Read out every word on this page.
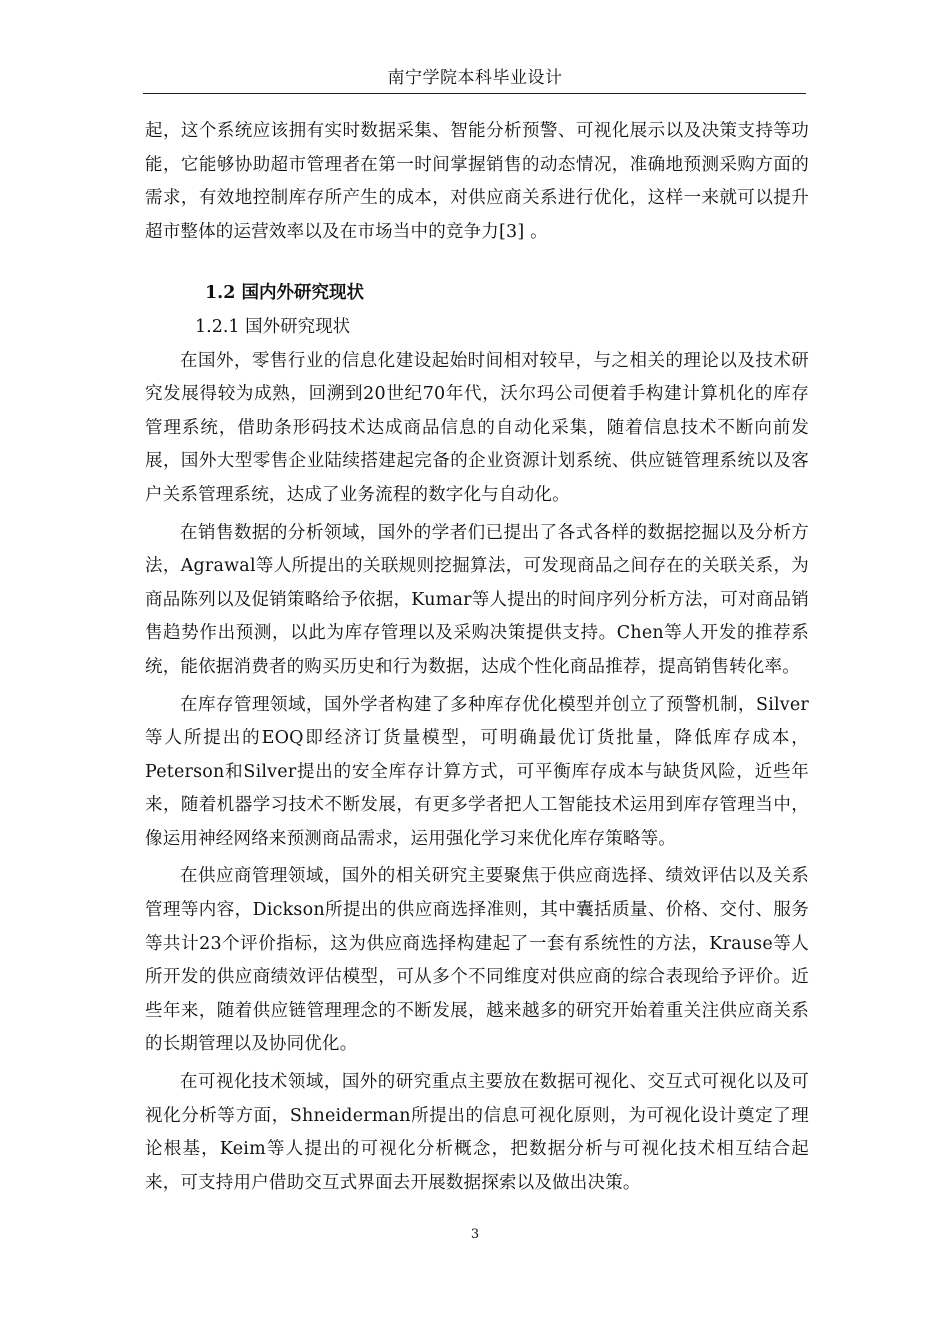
南宁学院本科毕业设计

起，这个系统应该拥有实时数据采集、智能分析预警、可视化展示以及决策支持等功能，它能够协助超市管理者在第一时间掌握销售的动态情况，准确地预测采购方面的需求，有效地控制库存所产生的成本，对供应商关系进行优化，这样一来就可以提升超市整体的运营效率以及在市场当中的竞争力[3] 。

1.2 国内外研究现状
1.2.1 国外研究现状

在国外，零售行业的信息化建设起始时间相对较早，与之相关的理论以及技术研究发展得较为成熟，回溯到20世纪70年代，沃尔玛公司便着手构建计算机化的库存管理系统，借助条形码技术达成商品信息的自动化采集，随着信息技术不断向前发展，国外大型零售企业陆续搭建起完备的企业资源计划系统、供应链管理系统以及客户关系管理系统，达成了业务流程的数字化与自动化。

在销售数据的分析领域，国外的学者们已提出了各式各样的数据挖掘以及分析方法，Agrawal等人所提出的关联规则挖掘算法，可发现商品之间存在的关联关系，为商品陈列以及促销策略给予依据，Kumar等人提出的时间序列分析方法，可对商品销售趋势作出预测，以此为库存管理以及采购决策提供支持。Chen等人开发的推荐系统，能依据消费者的购买历史和行为数据，达成个性化商品推荐，提高销售转化率。

在库存管理领域，国外学者构建了多种库存优化模型并创立了预警机制，Silver等人所提出的EOQ即经济订货量模型，可明确最优订货批量，降低库存成本，Peterson和Silver提出的安全库存计算方式，可平衡库存成本与缺货风险，近些年来，随着机器学习技术不断发展，有更多学者把人工智能技术运用到库存管理当中，像运用神经网络来预测商品需求，运用强化学习来优化库存策略等。

在供应商管理领域，国外的相关研究主要聚焦于供应商选择、绩效评估以及关系管理等内容，Dickson所提出的供应商选择准则，其中囊括质量、价格、交付、服务等共计23个评价指标，这为供应商选择构建起了一套有系统性的方法，Krause等人所开发的供应商绩效评估模型，可从多个不同维度对供应商的综合表现给予评价。近些年来，随着供应链管理理念的不断发展，越来越多的研究开始着重关注供应商关系的长期管理以及协同优化。

在可视化技术领域，国外的研究重点主要放在数据可视化、交互式可视化以及可视化分析等方面，Shneiderman所提出的信息可视化原则，为可视化设计奠定了理论根基，Keim等人提出的可视化分析概念，把数据分析与可视化技术相互结合起来，可支持用户借助交互式界面去开展数据探索以及做出决策。

3
